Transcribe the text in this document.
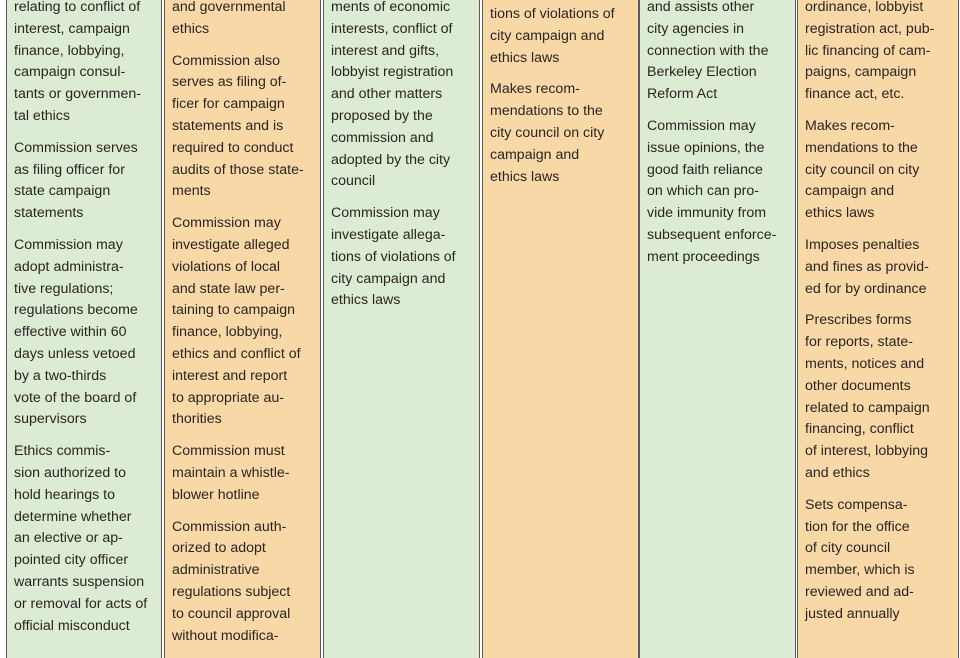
relating to conflict of
interest, campaign
finance, lobbying,
campaign consul-
tants or governmen-
tal ethics

Commission serves
as filing officer for
state campaign
statements

Commission may
adopt administra-
tive regulations;
regulations become
effective within 60
days unless vetoed
by a two-thirds
vote of the board of
supervisors

Ethics commis-
sion authorized to
hold hearings to
determine whether
an elective or ap-
pointed city officer
warrants suspension
or removal for acts of
official misconduct

and governmental
ethics

Commission also
serves as filing of-
ficer for campaign
statements and is
required to conduct
audits of those state-
ments

Commission may
investigate alleged
violations of local
and state law per-
taining to campaign
finance, lobbying,
ethics and conflict of
interest and report
to appropriate au-
thorities

Commission must
maintain a whistle-
blower hotline

Commission auth-
orized to adopt
administrative
regulations subject
to council approval
without modifica-

ments of economic
interests, conflict of
interest and gifts,
lobbyist registration
and other matters
proposed by the
commission and
adopted by the city
council

Commission may
investigate allega-
tions of violations of
city campaign and
ethics laws

tions of violations of
city campaign and
ethics laws

Makes recom-
mendations to the
city council on city
campaign and
ethics laws

and assists other
city agencies in
connection with the
Berkeley Election
Reform Act

Commission may
issue opinions, the
good faith reliance
on which can pro-
vide immunity from
subsequent enforce-
ment proceedings

ordinance, lobbyist
registration act, pub-
lic financing of cam-
paigns, campaign
finance act, etc.

Makes recom-
mendations to the
city council on city
campaign and
ethics laws

Imposes penalties
and fines as provid-
ed for by ordinance

Prescribes forms
for reports, state-
ments, notices and
other documents
related to campaign
financing, conflict
of interest, lobbying
and ethics

Sets compensa-
tion for the office
of city council
member, which is
reviewed and ad-
justed annually
